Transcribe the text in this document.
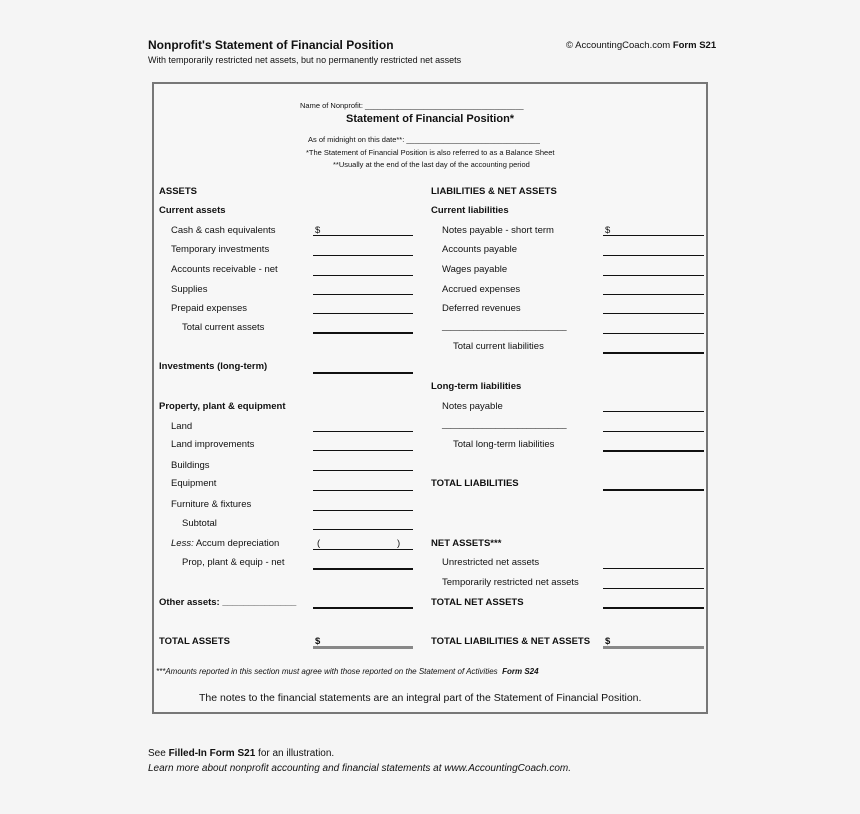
Nonprofit's Statement of Financial Position
With temporarily restricted net assets, but no permanently restricted net assets
© AccountingCoach.com Form S21
Name of Nonprofit: ______________________________________
Statement of Financial Position*
As of midnight on this date**: ________________________________
*The Statement of Financial Position is also referred to as a Balance Sheet
**Usually at the end of the last day of the accounting period
ASSETS
Current assets
Cash & cash equivalents	$
Temporary investments
Accounts receivable - net
Supplies
Prepaid expenses
Total current assets
Investments (long-term)
Property, plant & equipment
Land
Land improvements
Buildings
Equipment
Furniture & fixtures
Subtotal
Less: Accum depreciation	(	)
Prop, plant & equip - net
Other assets: ______________
TOTAL ASSETS	$
LIABILITIES & NET ASSETS
Current liabilities
Notes payable - short term	$
Accounts payable
Wages payable
Accrued expenses
Deferred revenues
____________________________
Total current liabilities
Long-term liabilities
Notes payable
____________________________
Total long-term liabilities
TOTAL LIABILITIES
NET ASSETS***
Unrestricted net assets
Temporarily restricted net assets
TOTAL NET ASSETS
TOTAL LIABILITIES & NET ASSETS $
***Amounts reported in this section must agree with those reported on the Statement of Activities Form S24
The notes to the financial statements are an integral part of the Statement of Financial Position.
See Filled-In Form S21 for an illustration.
Learn more about nonprofit accounting and financial statements at www.AccountingCoach.com.
